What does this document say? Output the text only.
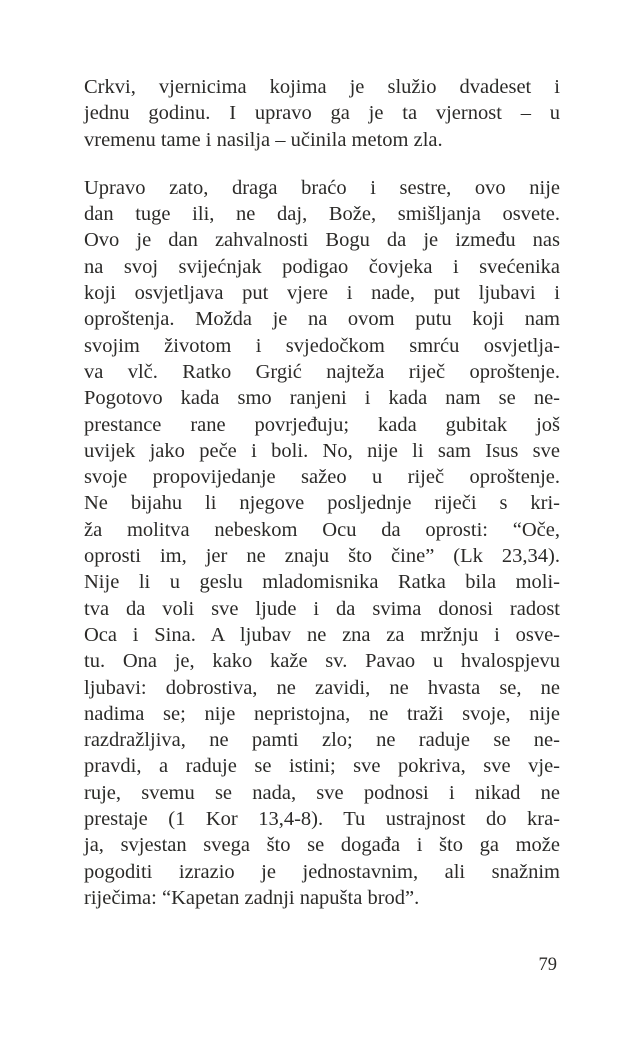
Crkvi, vjernicima kojima je služio dvadeset i
jednu godinu. I upravo ga je ta vjernost – u
vremenu tame i nasilja – učinila metom zla.
Upravo zato, draga braćo i sestre, ovo nije
dan tuge ili, ne daj, Bože, smišljanja osvete.
Ovo je dan zahvalnosti Bogu da je između nas
na svoj svijećnjak podigao čovjeka i svećenika
koji osvjetljava put vjere i nade, put ljubavi i
oproštenja. Možda je na ovom putu koji nam
svojim životom i svjedočkom smrću osvjetlja-
va vlč. Ratko Grgić najteža riječ oproštenje.
Pogotovo kada smo ranjeni i kada nam se ne-
prestance rane povrjeđuju; kada gubitak još
uvijek jako peče i boli. No, nije li sam Isus sve
svoje propovijedanje sažeo u riječ oproštenje.
Ne bijahu li njegove posljednje riječi s kri-
ža molitva nebeskom Ocu da oprosti: “Oče,
oprosti im, jer ne znaju što čine” (Lk 23,34).
Nije li u geslu mladomisnika Ratka bila moli-
tva da voli sve ljude i da svima donosi radost
Oca i Sina. A ljubav ne zna za mržnju i osve-
tu. Ona je, kako kaže sv. Pavao u hvalospjevu
ljubavi: dobrostiva, ne zavidi, ne hvasta se, ne
nadima se; nije nepristojna, ne traži svoje, nije
razdražljiva, ne pamti zlo; ne raduje se ne-
pravdi, a raduje se istini; sve pokriva, sve vje-
ruje, svemu se nada, sve podnosi i nikad ne
prestaje (1 Kor 13,4-8). Tu ustrajnost do kra-
ja, svjestan svega što se događa i što ga može
pogoditi izrazio je jednostavnim, ali snažnim
riječima: “Kapetan zadnji napušta brod”.
79
